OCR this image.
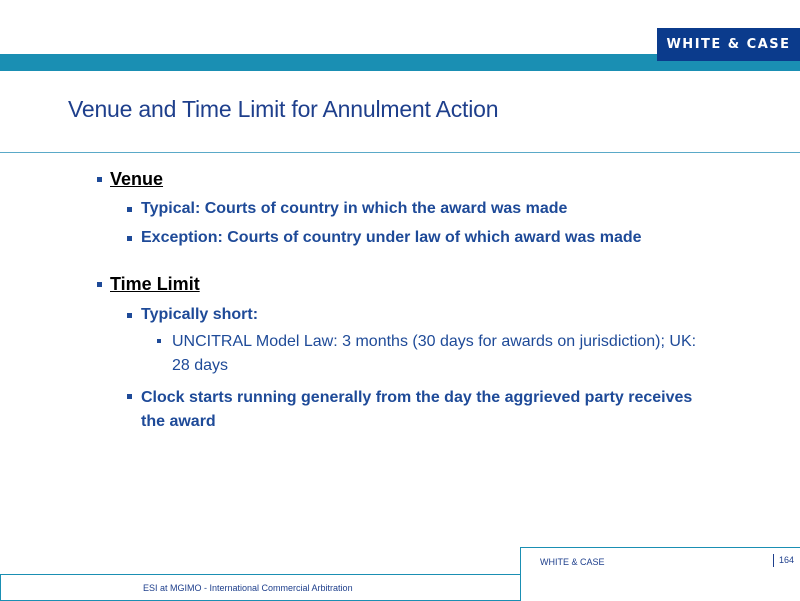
WHITE & CASE
Venue and Time Limit for Annulment Action
Venue
Typical: Courts of country in which the award was made
Exception: Courts of country under law of which award was made
Time Limit
Typically short:
UNCITRAL Model Law: 3 months (30 days for awards on jurisdiction); UK:
28 days
Clock starts running generally from the day the aggrieved party receives
the award
WHITE & CASE	164
ESI at MGIMO - International Commercial Arbitration
